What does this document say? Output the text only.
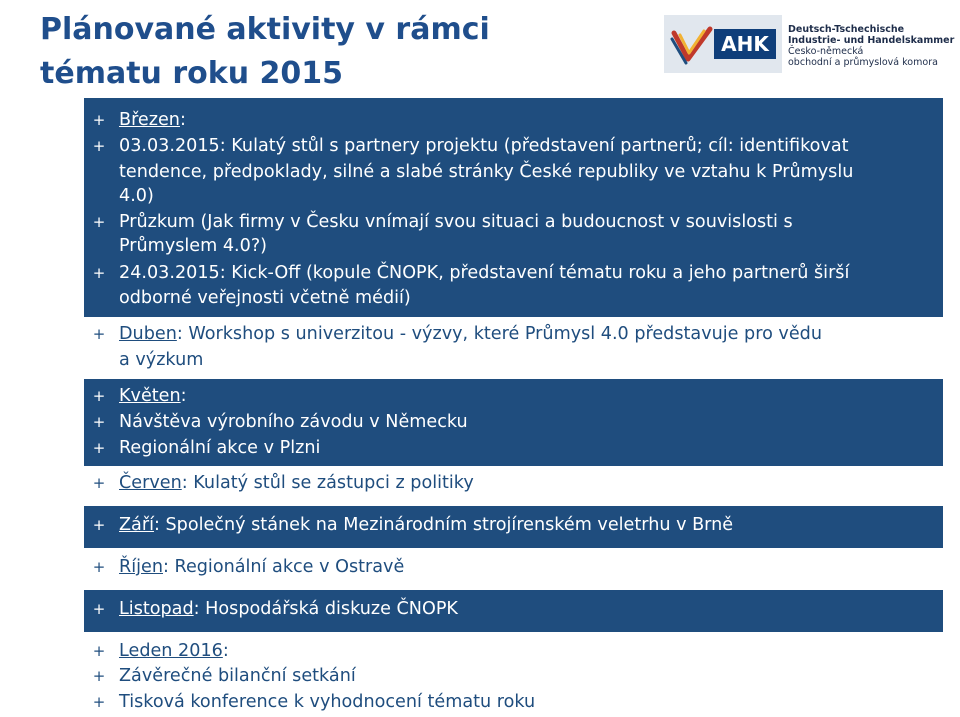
Plánované aktivity v rámci
tématu roku 2015
AHK
Deutsch-Tschechische
Industrie- und Handelskammer
Česko-německá
obchodní a průmyslová komora
+ Březen:
+ 03.03.2015: Kulatý stůl s partnery projektu (představení partnerů; cíl: identifikovat
tendence, předpoklady, silné a slabé stránky České republiky ve vztahu k Průmyslu
4.0)
+ Průzkum (Jak firmy v Česku vnímají svou situaci a budoucnost v souvislosti s
Průmyslem 4.0?)
+ 24.03.2015: Kick-Off (kopule ČNOPK, představení tématu roku a jeho partnerů širší
odborné veřejnosti včetně médií)
+ Duben: Workshop s univerzitou - výzvy, které Průmysl 4.0 představuje pro vědu
a výzkum
+ Květen:
+ Návštěva výrobního závodu v Německu
+ Regionální akce v Plzni
+ Červen: Kulatý stůl se zástupci z politiky
+ Září: Společný stánek na Mezinárodním strojírenském veletrhu v Brně
+ Říjen: Regionální akce v Ostravě
+ Listopad: Hospodářská diskuze ČNOPK
+ Leden 2016:
+ Závěrečné bilanční setkání
+ Tisková konference k vyhodnocení tématu roku
